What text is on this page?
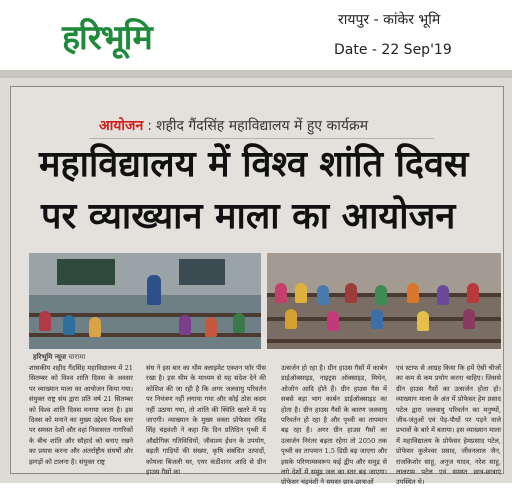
हरिभूमि	रायपुर - कांकेर भूमि
Date - 22 Sep'19
आयोजन : शहीद गैंदसिंह महाविद्यालय में हुए कार्यक्रम
महाविद्यालय में विश्व शांति दिवस
पर व्याख्यान माला का आयोजन
हरिभूमि न्यूज चारामा
शासकीय शहीद गैंदसिंह महाविद्यालय में 21 सितम्बर को विश्व शांति दिवस के अवसर पर व्याख्यान माला का आयोजन किया गया। संयुक्त राष्ट्र संघ द्वारा प्रति वर्ष 21 सितम्बर को विश्व शांति दिवस मनाया जाता है। इस दिवस को मनाने का मुख्य उद्देश्य विश्व स्तर पर समस्त देशों और वहां निवासरत नागरिकों के बीच शांति और सौहार्द को बनाए रखने का प्रयास करना और अंतर्राष्ट्रीय संघर्षों और झगड़ों को टालना है। संयुक्त राष्ट्र
संघ ने इस बार का थीम क्लाइमेट एक्शन फॉर पीस रखा है। इस थीम के माध्यम से यह संदेश देने की कोशिश की जा रही है कि अगर जलवायु परिवर्तन पर नियंत्रण नहीं लगाया गया और कोई ठोस कदम नहीं उठाया गया, तो शांति की स्थिति खतरे में पड़ जाएगी। व्याख्यान के मुख्य वक्ता प्रोफेसर रविंद्र सिंह चंद्रवंशी ने कहा कि दिन प्रतिदिन पृथ्वी में औद्योगिक गतिविधियों, जीवाश्म ईंधन के उपयोग, बढ़ती गाड़ियों की संख्या, कृषि संबंधित उत्पादों, कोयला बिजली घर, एयर कंडीशनर आदि से ग्रीन हाउस गैसों का
उत्सर्जन हो रहा है। ग्रीन हाउस गैसों में कार्बन डाईऑक्साइड, नाइट्रस ऑक्साइड, मिथेन, ओजोन आदि होते हैं। ग्रीन हाउस गैस में सबसे बड़ा भाग कार्बन डाईऑक्साइड का होता है। ग्रीन हाउस गैसों के कारण जलवायु परिवर्तन हो रहा है और पृथ्वी का तापमान बढ़ रहा है। अगर ग्रीन हाउस गैसों का उत्सर्जन निरंतर बढ़ता रहेगा तो 2050 तक पृथ्वी का तापमान 1.5 डिग्री बढ़ जाएगा और इसके परिणामस्वरूप कई द्वीप और समुद्र से लगे देशों में समुद्र जल का स्तर बढ़ जाएगा। प्रोफेसर चंद्रवंशी ने समस्त छात्र-छात्राओं
एवं स्टाफ से आग्रह किया कि हमें ऐसी चीजों का कम से कम प्रयोग करना चाहिए। जिससे ग्रीन हाउस गैसों का उत्सर्जन होता हो। व्याख्यान माला के अंत में प्रोफेसर हेम प्रसाद पटेल द्वारा जलवायु परिवर्तन का मनुष्यों, जीव-जंतुओं एवं पेड़-पौधों पर पड़ने वाले प्रभावों के बारे में बताया। इस व्याख्यान माला में महाविद्यालय के प्रोफेसर हेमप्रसाद पटेल, प्रोफेसर कुलेश्वर प्रसाद, जीवनलाल जैन, राजकिशोर साहू, अनुज यादव, नरेश साहू, लालराम पटेल एवं समस्त छात्र-छात्राएं उपस्थित थे।
